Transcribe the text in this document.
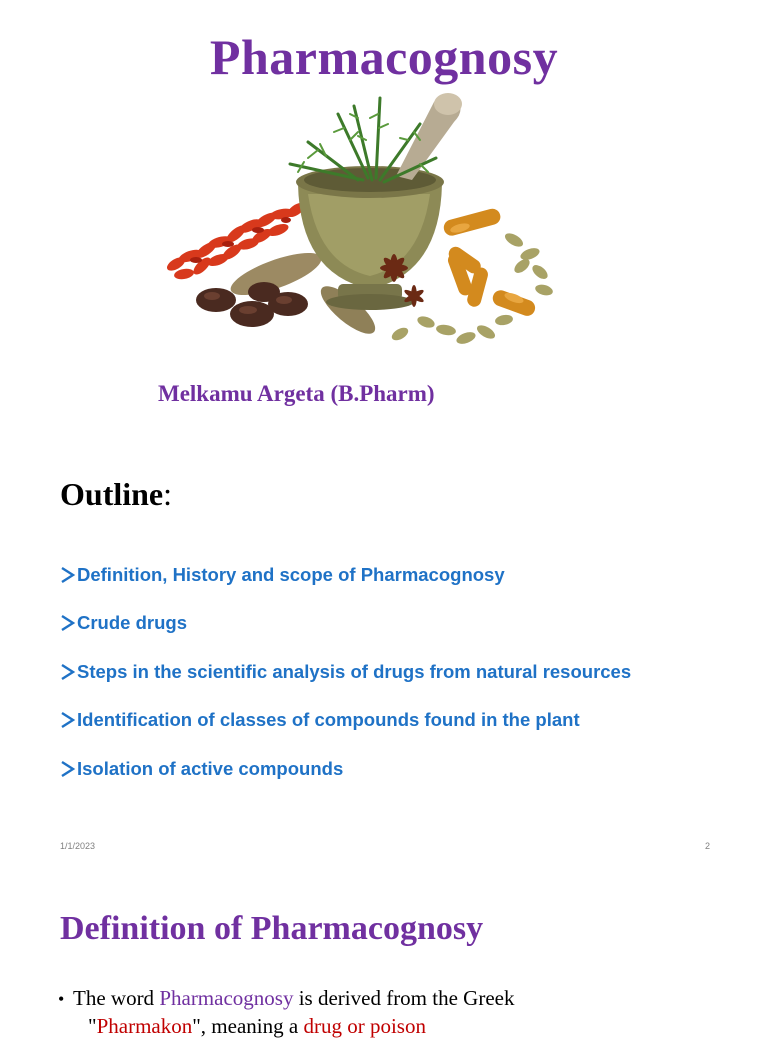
Pharmacognosy
Melkamu Argeta (B.Pharm)
Outline:
Definition, History and scope of Pharmacognosy
Crude drugs
Steps in the scientific analysis of drugs from natural resources
Identification of classes of compounds found in the plant
Isolation of active compounds
1/1/2023	2
Definition of Pharmacognosy
• The word Pharmacognosy is derived from the Greek
"Pharmakon", meaning a drug or poison
